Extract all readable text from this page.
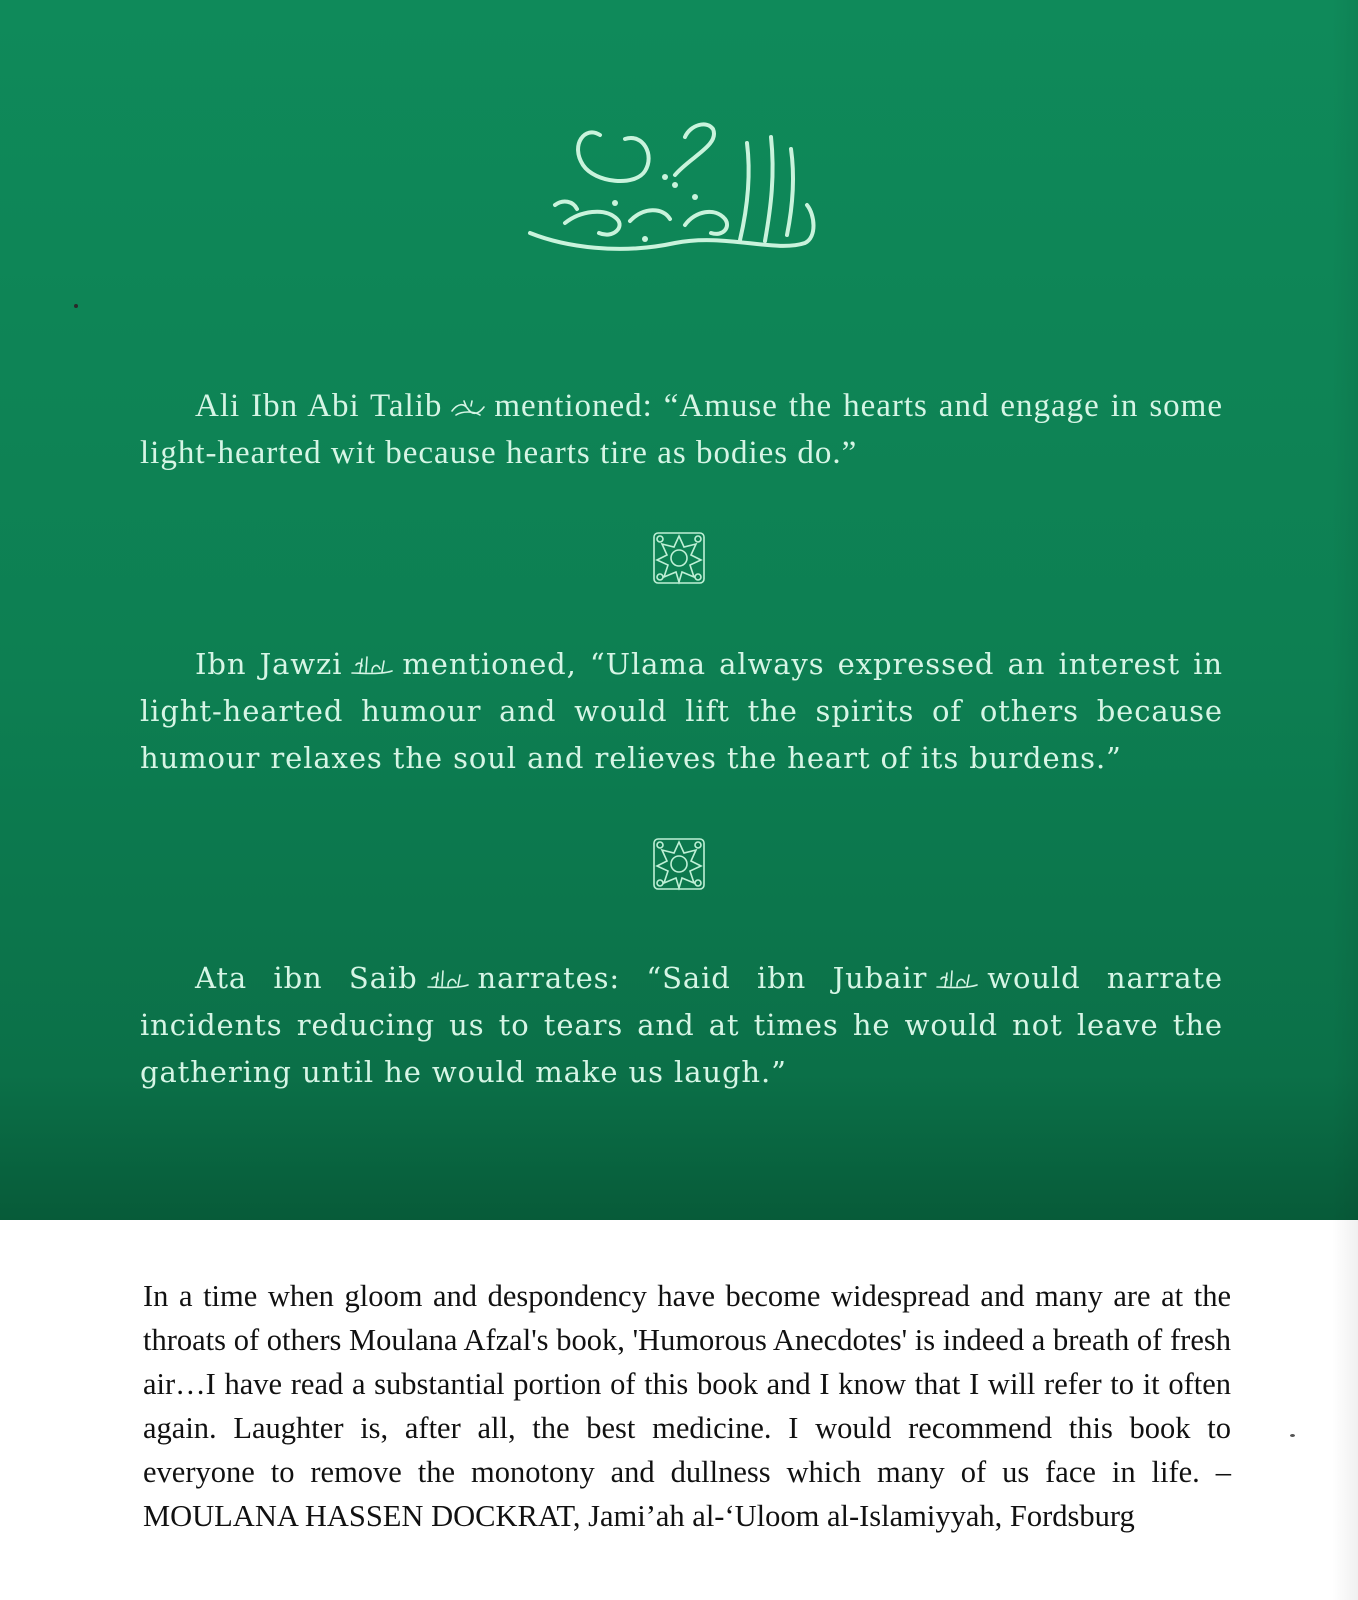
Ali Ibn Abi Talib mentioned: “Amuse the hearts and engage in some light-hearted wit because hearts tire as bodies do.”

Ibn Jawzi mentioned, “Ulama always expressed an interest in light-hearted humour and would lift the spirits of others because humour relaxes the soul and relieves the heart of its burdens.”

Ata ibn Saib narrates: “Said ibn Jubair would narrate incidents reducing us to tears and at times he would not leave the gathering until he would make us laugh.”

In a time when gloom and despondency have become widespread and many are at the throats of others Moulana Afzal's book, 'Humorous Anecdotes' is indeed a breath of fresh air…I have read a substantial portion of this book and I know that I will refer to it often again. Laughter is, after all, the best medicine. I would recommend this book to everyone to remove the monotony and dullness which many of us face in life. – MOULANA HASSEN DOCKRAT, Jami’ah al-‘Uloom al-Islamiyyah, Fordsburg
